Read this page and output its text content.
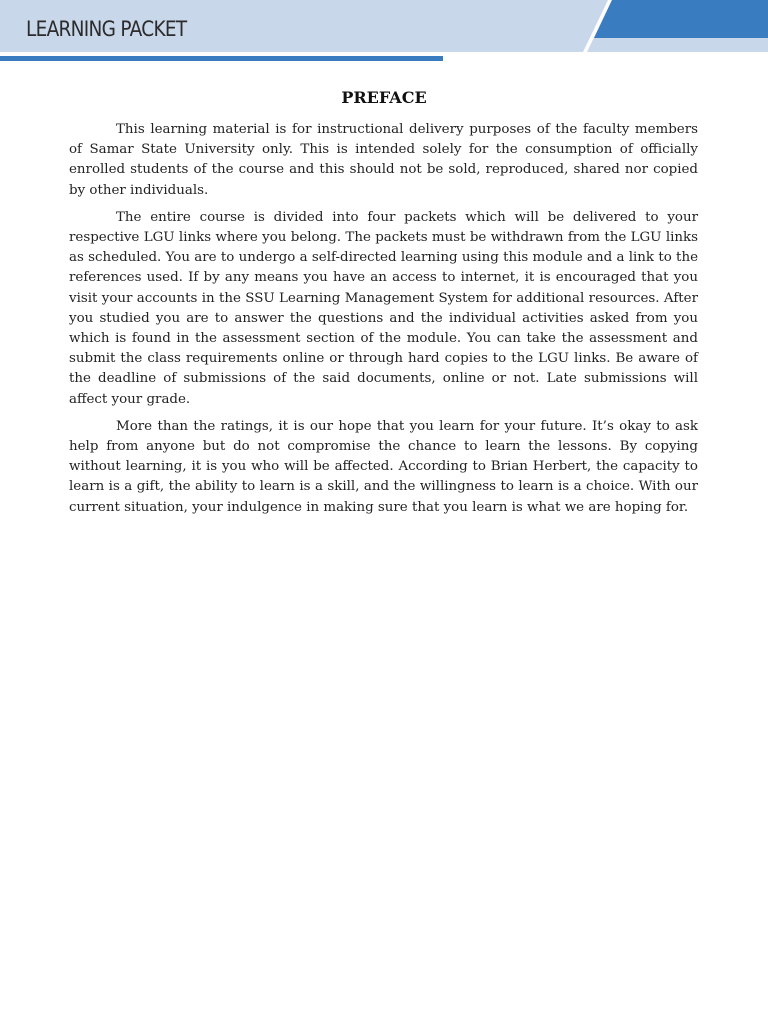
LEARNING PACKET
PREFACE

This learning material is for instructional delivery purposes of the faculty members of Samar State University only. This is intended solely for the consumption of officially enrolled students of the course and this should not be sold, reproduced, shared nor copied by other individuals.

The entire course is divided into four packets which will be delivered to your respective LGU links where you belong. The packets must be withdrawn from the LGU links as scheduled. You are to undergo a self-directed learning using this module and a link to the references used. If by any means you have an access to internet, it is encouraged that you visit your accounts in the SSU Learning Management System for additional resources. After you studied you are to answer the questions and the individual activities asked from you which is found in the assessment section of the module. You can take the assessment and submit the class requirements online or through hard copies to the LGU links. Be aware of the deadline of submissions of the said documents, online or not. Late submissions will affect your grade.

More than the ratings, it is our hope that you learn for your future. It’s okay to ask help from anyone but do not compromise the chance to learn the lessons. By copying without learning, it is you who will be affected. According to Brian Herbert, the capacity to learn is a gift, the ability to learn is a skill, and the willingness to learn is a choice. With our current situation, your indulgence in making sure that you learn is what we are hoping for.
